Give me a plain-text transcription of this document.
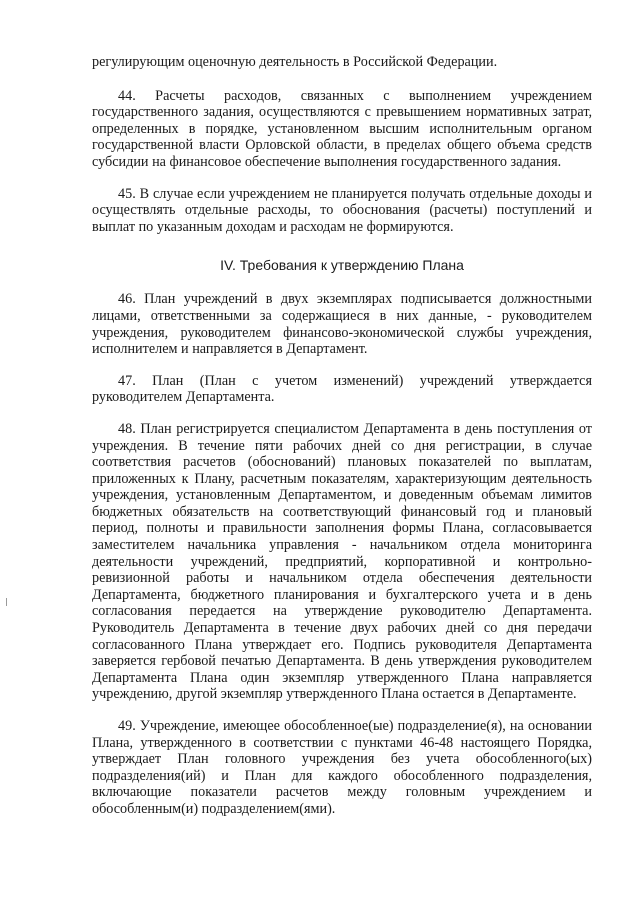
регулирующим оценочную деятельность в Российской Федерации.

44. Расчеты расходов, связанных с выполнением учреждением государственного задания, осуществляются с превышением нормативных затрат, определенных в порядке, установленном высшим исполнительным органом государственной власти Орловской области, в пределах общего объема средств субсидии на финансовое обеспечение выполнения государственного задания.

45. В случае если учреждением не планируется получать отдельные доходы и осуществлять отдельные расходы, то обоснования (расчеты) поступлений и выплат по указанным доходам и расходам не формируются.

IV. Требования к утверждению Плана

46. План учреждений в двух экземплярах подписывается должностными лицами, ответственными за содержащиеся в них данные, - руководителем учреждения, руководителем финансово-экономической службы учреждения, исполнителем и направляется в Департамент.

47. План (План с учетом изменений) учреждений утверждается руководителем Департамента.

48. План регистрируется специалистом Департамента в день поступления от учреждения. В течение пяти рабочих дней со дня регистрации, в случае соответствия расчетов (обоснований) плановых показателей по выплатам, приложенных к Плану, расчетным показателям, характеризующим деятельность учреждения, установленным Департаментом, и доведенным объемам лимитов бюджетных обязательств на соответствующий финансовый год и плановый период, полноты и правильности заполнения формы Плана, согласовывается заместителем начальника управления - начальником отдела мониторинга деятельности учреждений, предприятий, корпоративной и контрольно-ревизионной работы и начальником отдела обеспечения деятельности Департамента, бюджетного планирования и бухгалтерского учета и в день согласования передается на утверждение руководителю Департамента. Руководитель Департамента в течение двух рабочих дней со дня передачи согласованного Плана утверждает его. Подпись руководителя Департамента заверяется гербовой печатью Департамента. В день утверждения руководителем Департамента Плана один экземпляр утвержденного Плана направляется учреждению, другой экземпляр утвержденного Плана остается в Департаменте.

49. Учреждение, имеющее обособленное(ые) подразделение(я), на основании Плана, утвержденного в соответствии с пунктами 46-48 настоящего Порядка, утверждает План головного учреждения без учета обособленного(ых) подразделения(ий) и План для каждого обособленного подразделения, включающие показатели расчетов между головным учреждением и обособленным(и) подразделением(ями).
